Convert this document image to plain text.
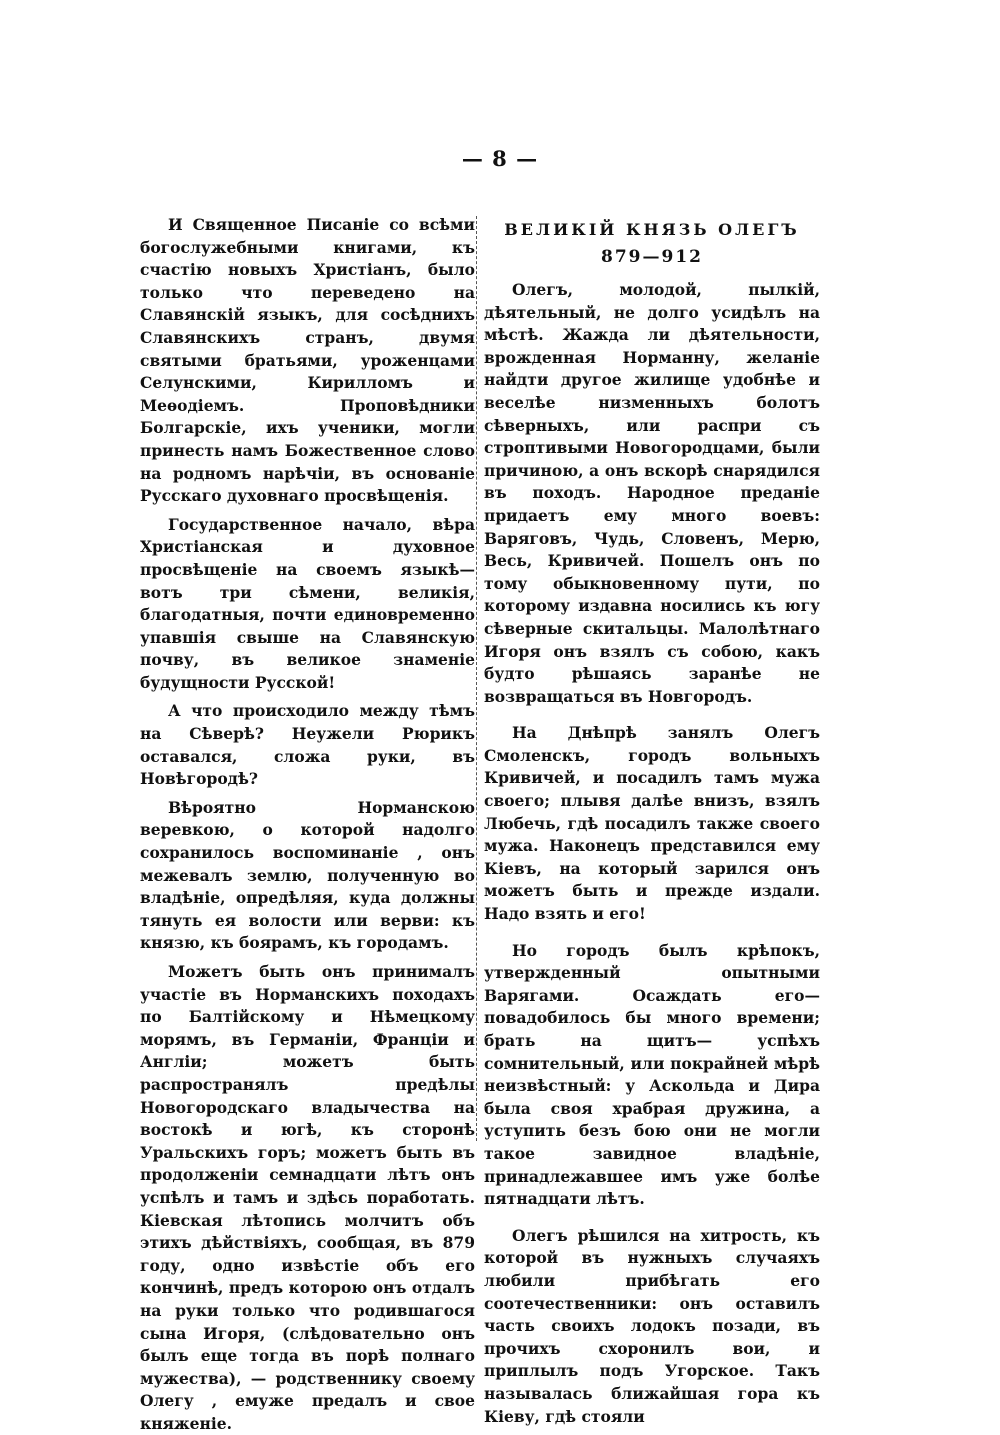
— 8 —

И Священное Писаніе со всѣми богослужебными книгами, къ счастію новыхъ Христіанъ, было только что переведено на Славянскій языкъ, для сосѣднихъ Славянскихъ странъ, двумя святыми братьями, уроженцами Селунскими, Кирилломъ и Меѳодіемъ. Проповѣдники Болгарскіе, ихъ ученики, могли принесть намъ Божественное слово на родномъ нарѣчіи, въ основаніе Русскаго духовнаго просвѣщенія.

Государственное начало, вѣра Христіанская и духовное просвѣщеніе на своемъ языкѣ— вотъ три сѣмени, великія, благодатныя, почти единовременно упавшія свыше на Славянскую почву, въ великое знаменіе будущности Русской!

А что происходило между тѣмъ на Сѣверѣ? Неужели Рюрикъ оставался, сложа руки, въ Новѣгородѣ?

Вѣроятно Норманскою веревкою, о которой надолго сохранилось воспоминаніе , онъ межевалъ землю, полученную во владѣніе, опредѣляя, куда должны тянуть ея волости или верви: къ князю, къ боярамъ, къ городамъ.

Можетъ быть онъ принималъ участіе въ Норманскихъ походахъ по Балтійскому и Нѣмецкому морямъ, въ Германіи, Франціи и Англіи; можетъ быть распространялъ предѣлы Новогородскаго владычества на востокѣ и югѣ, къ сторонѣ Уральскихъ горъ; можетъ быть въ продолженіи семнадцати лѣтъ онъ успѣлъ и тамъ и здѣсь поработать. Кіевская лѣтопись молчитъ объ этихъ дѣйствіяхъ, сообщая, въ 879 году, одно извѣстіе объ его кончинѣ, предъ которою онъ отдалъ на руки только что родившагося сына Игоря, (слѣдовательно онъ былъ еще тогда въ порѣ полнаго мужества), — родственнику своему Олегу , емуже предалъ и свое княженіе.

ВЕЛИКІЙ КНЯЗЬ ОЛЕГЪ
879—912

Олегъ, молодой, пылкій, дѣятельный, не долго усидѣлъ на мѣстѣ. Жажда ли дѣятельности, врожденная Норманну, желаніе найдти другое жилище удобнѣе и веселѣе низменныхъ болотъ сѣверныхъ, или распри съ строптивыми Новогородцами, были причиною, а онъ вскорѣ снарядился въ походъ. Народное преданіе придаетъ ему много воевъ: Варяговъ, Чудь, Словенъ, Мерю, Весь, Кривичей. Пошелъ онъ по тому обыкновенному пути, по которому издавна носились къ югу сѣверные скитальцы. Малолѣтнаго Игоря онъ взялъ съ собою, какъ будто рѣшаясь заранѣе не возвращаться въ Новгородъ.

На Днѣпрѣ занялъ Олегъ Смоленскъ, городъ вольныхъ Кривичей, и посадилъ тамъ мужа своего; плывя далѣе внизъ, взялъ Любечь, гдѣ посадилъ также своего мужа. Наконецъ представился ему Кіевъ, на который зарился онъ можетъ быть и прежде издали. Надо взять и его!

Но городъ былъ крѣпокъ, утвержденный опытными Варягами. Осаждать его—повадобилось бы много времени; брать на щитъ— успѣхъ сомнительный, или покрайней мѣрѣ неизвѣстный: у Аскольда и Дира была своя храбрая дружина, а уступить безъ бою они не могли такое завидное владѣніе, принадлежавшее имъ уже болѣе пятнадцати лѣтъ.

Олегъ рѣшился на хитрость, къ которой въ нужныхъ случаяхъ любили прибѣгать его соотечественники: онъ оставилъ часть своихъ лодокъ позади, въ прочихъ схоронилъ вои, и приплылъ подъ Угорское. Такъ называлась ближайшая гора къ Кіеву, гдѣ стояли
